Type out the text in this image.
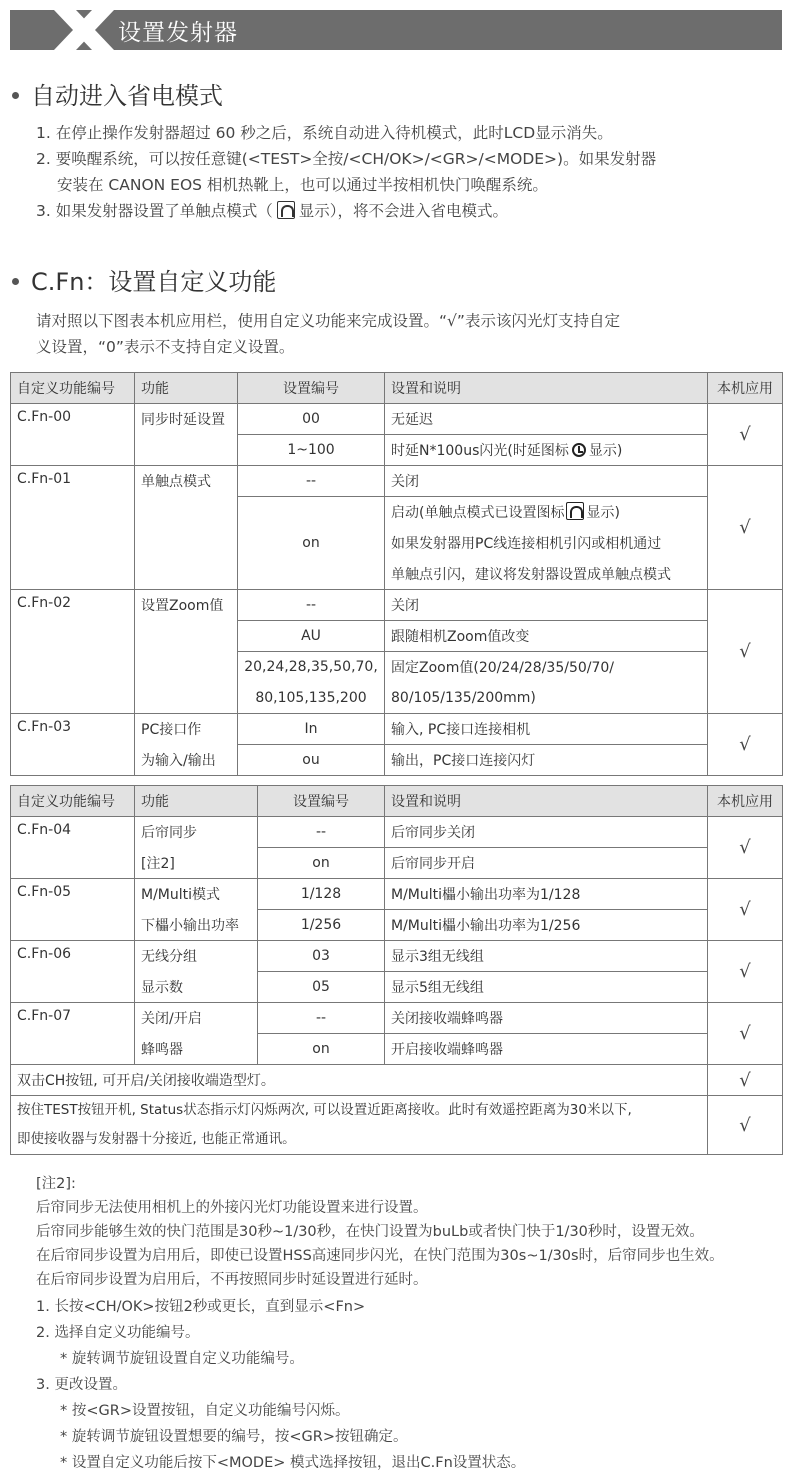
设置发射器
自动进入省电模式
1. 在停止操作发射器超过 60 秒之后，系统自动进入待机模式，此时LCD显示消失。
2. 要唤醒系统，可以按任意键(<TEST>全按/<CH/OK>/<GR>/<MODE>)。如果发射器
安装在 CANON EOS 相机热靴上，也可以通过半按相机快门唤醒系统。
3. 如果发射器设置了单触点模式（ 显示），将不会进入省电模式。
C.Fn：设置自定义功能
请对照以下图表本机应用栏，使用自定义功能来完成设置。“√”表示该闪光灯支持自定
义设置，“0”表示不支持自定义设置。
自定义功能编号	功能	设置编号	设置和说明	本机应用
C.Fn-00	同步时延设置	00	无延迟	√
		1~100	时延N*100us闪光(时延图标 显示)	
C.Fn-01	单触点模式	--	关闭	√
		on	启动(单触点模式已设置图标 显示)	
			如果发射器用PC线连接相机引闪或相机通过	
			单触点引闪，建议将发射器设置成单触点模式	
C.Fn-02	设置Zoom值	--	关闭	√
		AU	跟随相机Zoom值改变	
		20,24,28,35,50,70,	固定Zoom值(20/24/28/35/50/70/	
		80,105,135,200	80/105/135/200mm)	
C.Fn-03	PC接口作	In	输入, PC接口连接相机	√
	为输入/输出	ou	输出，PC接口连接闪灯	
自定义功能编号	功能	设置编号	设置和说明	本机应用
C.Fn-04	后帘同步	--	后帘同步关闭	√
	[注2]	on	后帘同步开启	
C.Fn-05	M/Multi模式	1/128	M/Multi櫑小输出功率为1/128	√
	下櫑小输出功率	1/256	M/Multi櫑小输出功率为1/256	
C.Fn-06	无线分组	03	显示3组无线组	√
	显示数	05	显示5组无线组	
C.Fn-07	关闭/开启	--	关闭接收端蜂鸣器	√
	蜂鸣器	on	开启接收端蜂鸣器	
双击CH按钮, 可开启/关闭接收端造型灯。				√

按住TEST按钮开机, Status状态指示灯闪烁两次, 可以设置近距离接收。此时有效遥控距离为30米以下,
即使接收器与发射器十分接近, 也能正常通讯。				√
[注2]:
后帘同步无法使用相机上的外接闪光灯功能设置来进行设置。
后帘同步能够生效的快门范围是30秒~1/30秒，在快门设置为buLb或者快门快于1/30秒时，设置无效。
在后帘同步设置为启用后，即使已设置HSS高速同步闪光，在快门范围为30s~1/30s时，后帘同步也生效。
在后帘同步设置为启用后，不再按照同步时延设置进行延时。
1. 长按<CH/OK>按钮2秒或更长，直到显示<Fn>
2. 选择自定义功能编号。
* 旋转调节旋钮设置自定义功能编号。
3. 更改设置。
* 按<GR>设置按钮，自定义功能编号闪烁。
* 旋转调节旋钮设置想要的编号，按<GR>按钮确定。
* 设置自定义功能后按下<MODE> 模式选择按钮，退出C.Fn设置状态。
